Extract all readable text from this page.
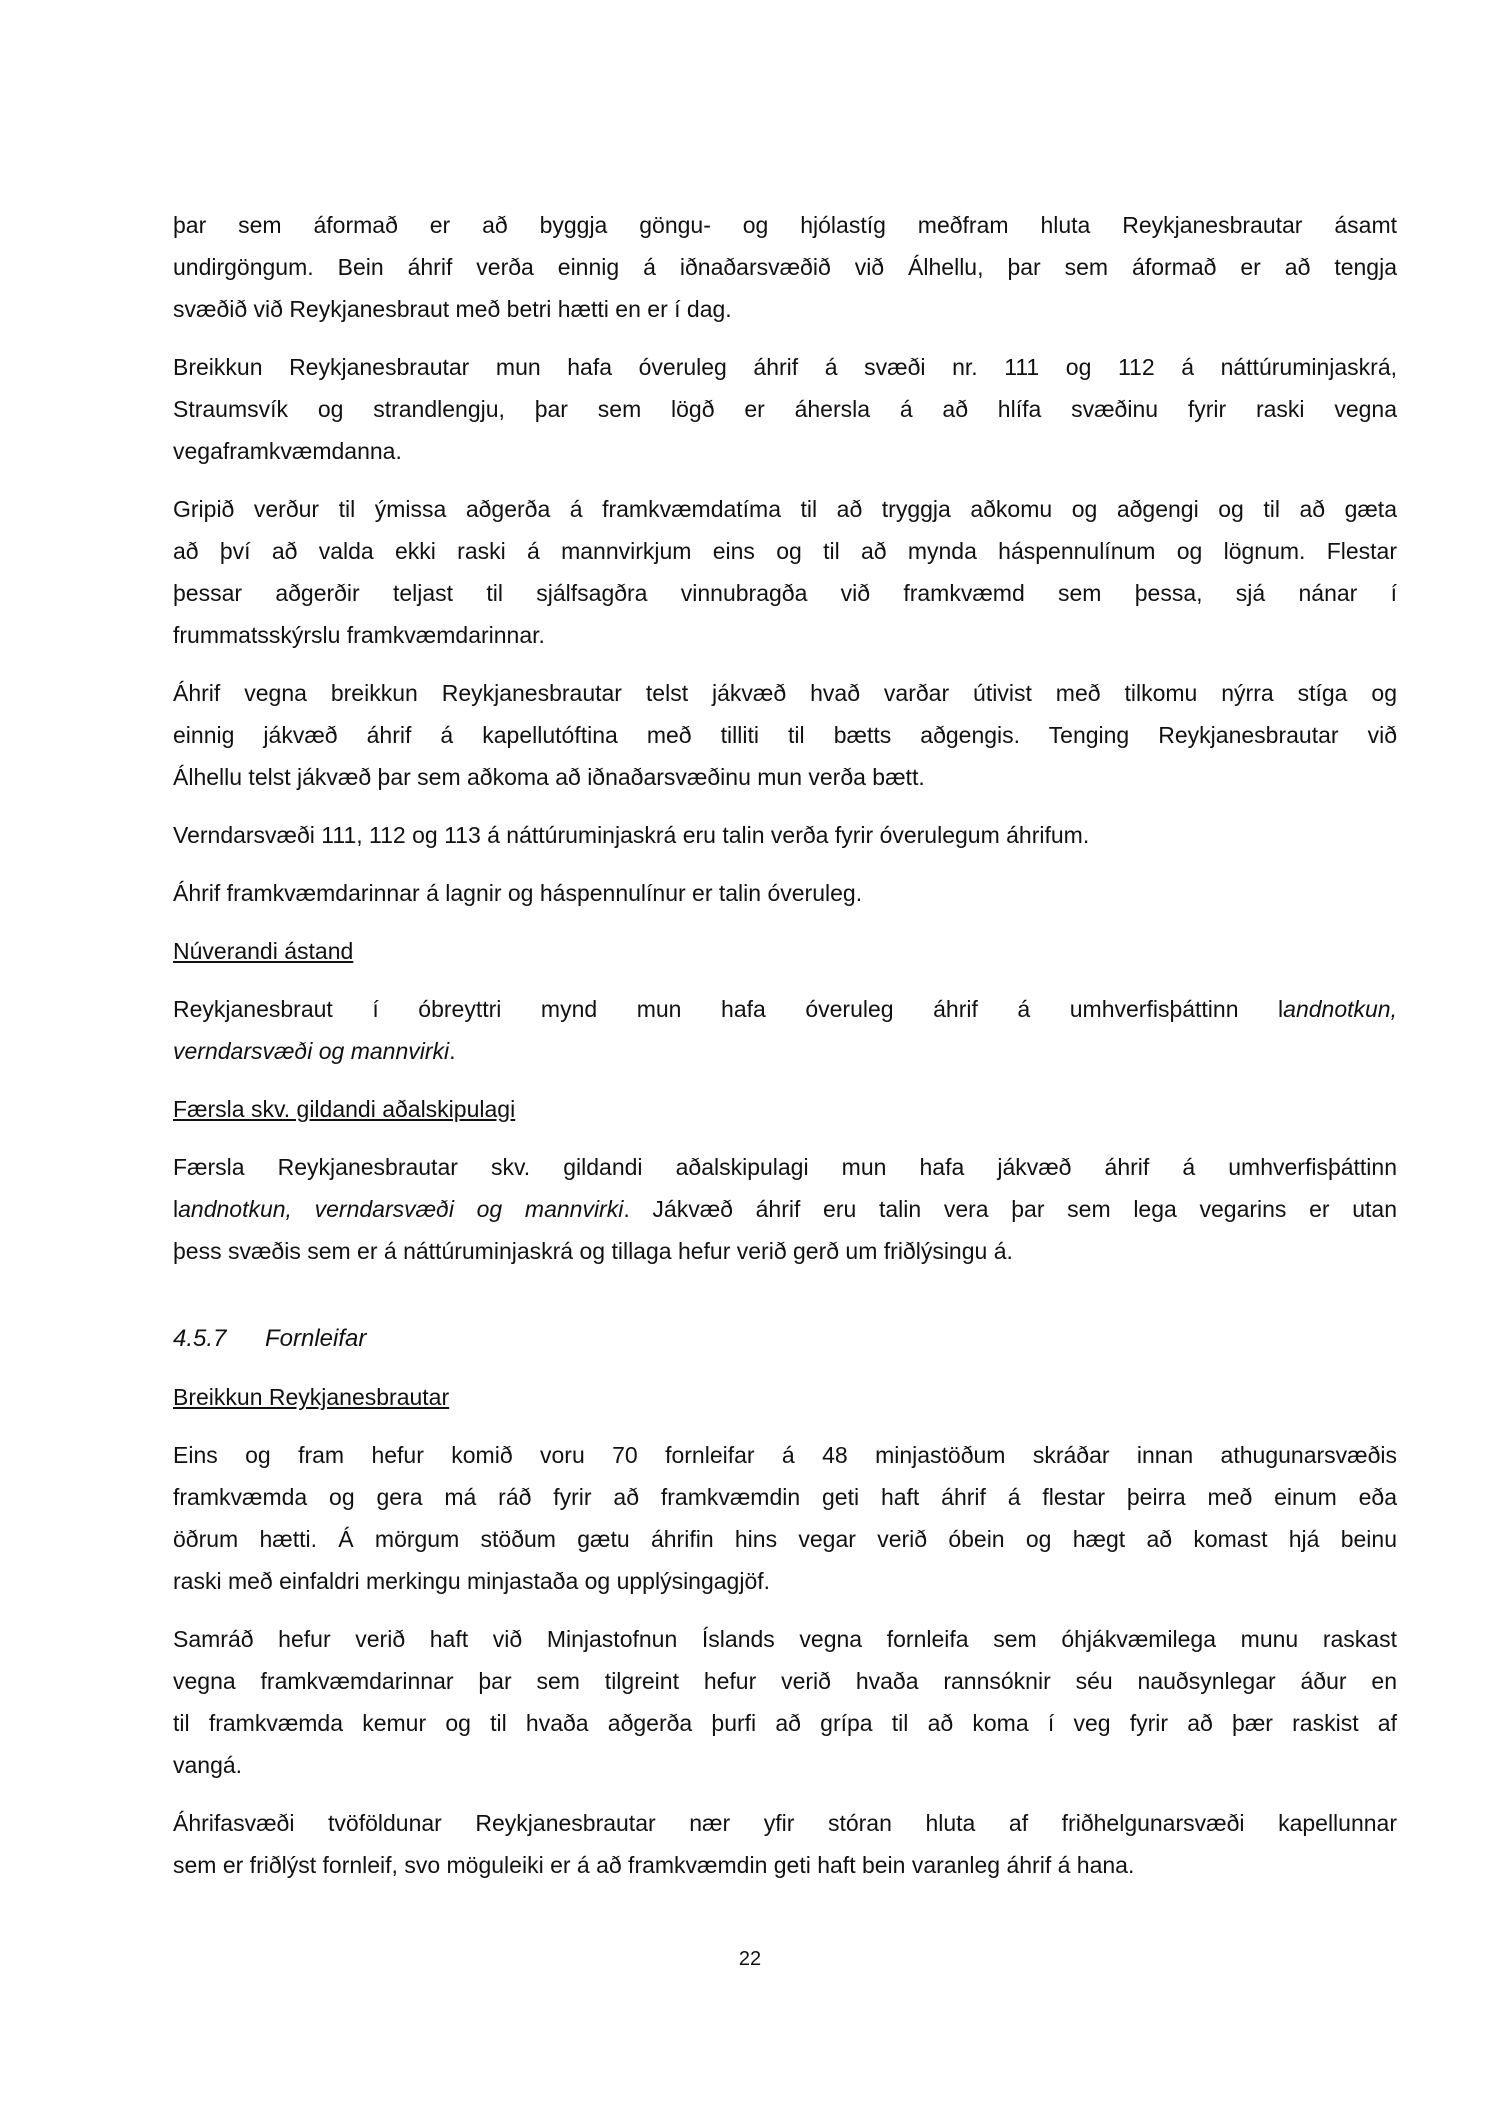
þar sem áformað er að byggja göngu- og hjólastíg meðfram hluta Reykjanesbrautar ásamt
undirgöngum. Bein áhrif verða einnig á iðnaðarsvæðið við Álhellu, þar sem áformað er að tengja
svæðið við Reykjanesbraut með betri hætti en er í dag.
Breikkun Reykjanesbrautar mun hafa óveruleg áhrif á svæði nr. 111 og 112 á náttúruminjaskrá,
Straumsvík og strandlengju, þar sem lögð er áhersla á að hlífa svæðinu fyrir raski vegna
vegaframkvæmdanna.
Gripið verður til ýmissa aðgerða á framkvæmdatíma til að tryggja aðkomu og aðgengi og til að gæta
að því að valda ekki raski á mannvirkjum eins og til að mynda háspennulínum og lögnum. Flestar
þessar aðgerðir teljast til sjálfsagðra vinnubragða við framkvæmd sem þessa, sjá nánar í
frummatsskýrslu framkvæmdarinnar.
Áhrif vegna breikkun Reykjanesbrautar telst jákvæð hvað varðar útivist með tilkomu nýrra stíga og
einnig jákvæð áhrif á kapellutóftina með tilliti til bætts aðgengis. Tenging Reykjanesbrautar við
Álhellu telst jákvæð þar sem aðkoma að iðnaðarsvæðinu mun verða bætt.
Verndarsvæði 111, 112 og 113 á náttúruminjaskrá eru talin verða fyrir óverulegum áhrifum.
Áhrif framkvæmdarinnar á lagnir og háspennulínur er talin óveruleg.
Núverandi ástand
Reykjanesbraut í óbreyttri mynd mun hafa óveruleg áhrif á umhverfisþáttinn landnotkun,
verndarsvæði og mannvirki.
Færsla skv. gildandi aðalskipulagi
Færsla Reykjanesbrautar skv. gildandi aðalskipulagi mun hafa jákvæð áhrif á umhverfisþáttinn
landnotkun, verndarsvæði og mannvirki. Jákvæð áhrif eru talin vera þar sem lega vegarins er utan
þess svæðis sem er á náttúruminjaskrá og tillaga hefur verið gerð um friðlýsingu á.
4.5.7 Fornleifar
Breikkun Reykjanesbrautar
Eins og fram hefur komið voru 70 fornleifar á 48 minjastöðum skráðar innan athugunarsvæðis
framkvæmda og gera má ráð fyrir að framkvæmdin geti haft áhrif á flestar þeirra með einum eða
öðrum hætti. Á mörgum stöðum gætu áhrifin hins vegar verið óbein og hægt að komast hjá beinu
raski með einfaldri merkingu minjastaða og upplýsingagjöf.
Samráð hefur verið haft við Minjastofnun Íslands vegna fornleifa sem óhjákvæmilega munu raskast
vegna framkvæmdarinnar þar sem tilgreint hefur verið hvaða rannsóknir séu nauðsynlegar áður en
til framkvæmda kemur og til hvaða aðgerða þurfi að grípa til að koma í veg fyrir að þær raskist af
vangá.
Áhrifasvæði tvöföldunar Reykjanesbrautar nær yfir stóran hluta af friðhelgunarsvæði kapellunnar
sem er friðlýst fornleif, svo möguleiki er á að framkvæmdin geti haft bein varanleg áhrif á hana.
22
